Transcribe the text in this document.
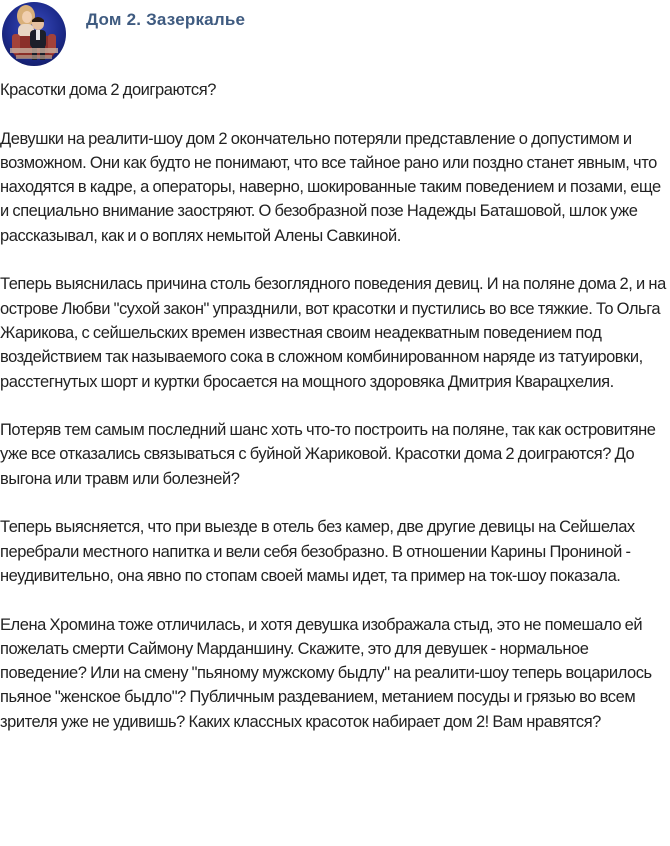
Дом 2. Зазеркалье

Красотки дома 2 доиграются?

Девушки на реалити-шоу дом 2 окончательно потеряли представление о допустимом и возможном. Они как будто не понимают, что все тайное рано или поздно станет явным, что находятся в кадре, а операторы, наверно, шокированные таким поведением и позами, еще и специально внимание заостряют. О безобразной позе Надежды Баташовой, шлок уже рассказывал, как и о воплях немытой Алены Савкиной.

Теперь выяснилась причина столь безоглядного поведения девиц. И на поляне дома 2, и на острове Любви "сухой закон" упразднили, вот красотки и пустились во все тяжкие. То Ольга Жарикова, с сейшельских времен известная своим неадекватным поведением под воздействием так называемого сока в сложном комбинированном наряде из татуировки, расстегнутых шорт и куртки бросается на мощного здоровяка Дмитрия Кварацхелия.

Потеряв тем самым последний шанс хоть что-то построить на поляне, так как островитяне уже все отказались связываться с буйной Жариковой. Красотки дома 2 доиграются? До выгона или травм или болезней?

Теперь выясняется, что при выезде в отель без камер, две другие девицы на Сейшелах перебрали местного напитка и вели себя безобразно. В отношении Карины Прониной - неудивительно, она явно по стопам своей мамы идет, та пример на ток-шоу показала.

Елена Хромина тоже отличилась, и хотя девушка изображала стыд, это не помешало ей пожелать смерти Саймону Марданшину. Скажите, это для девушек - нормальное поведение? Или на смену "пьяному мужскому быдлу" на реалити-шоу теперь воцарилось пьяное "женское быдло"? Публичным раздеванием, метанием посуды и грязью во всем зрителя уже не удивишь? Каких классных красоток набирает дом 2! Вам нравятся?
